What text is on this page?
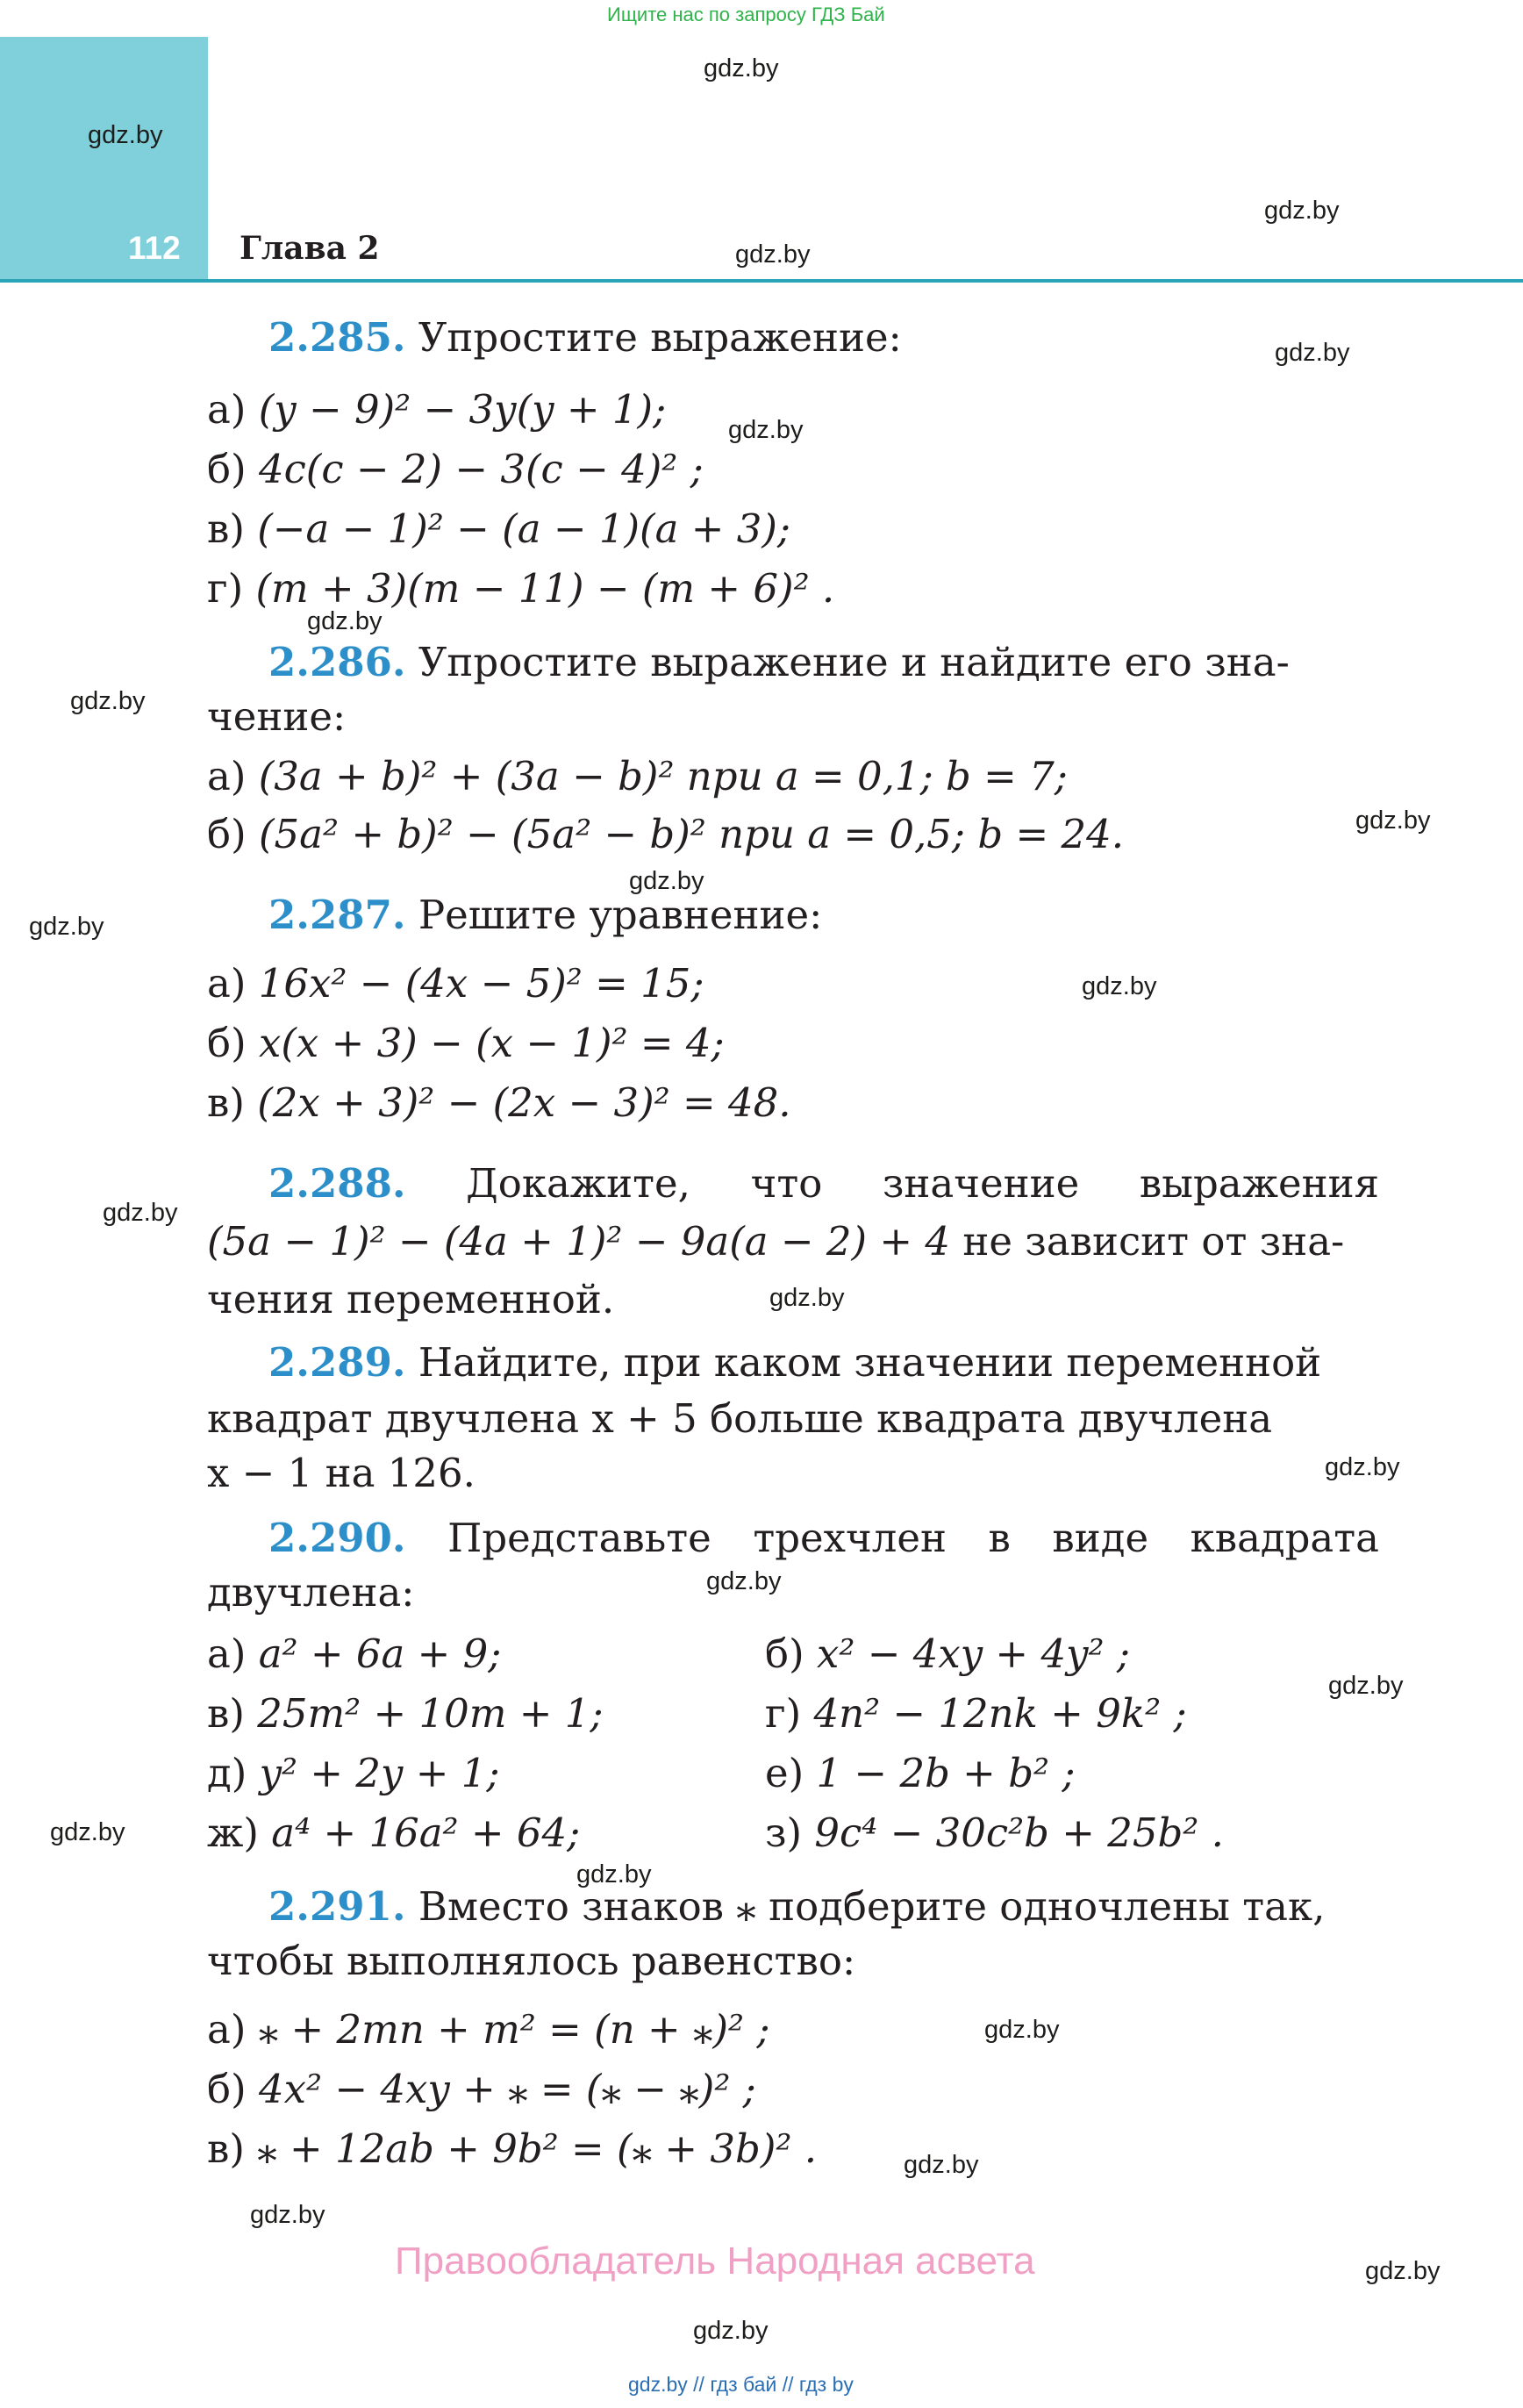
Ищите нас по запросу ГДЗ Бай
112 Глава 2
gdz.by
gdz.by
gdz.by
gdz.by
gdz.by
gdz.by
gdz.by
gdz.by
gdz.by
gdz.by
gdz.by
gdz.by
gdz.by
gdz.by
gdz.by
gdz.by
gdz.by
gdz.by
gdz.by
gdz.by
gdz.by
gdz.by
gdz.by
gdz.by
2.285. Упростите выражение:
а) (y − 9)² − 3y(y + 1);
б) 4c(c − 2) − 3(c − 4)² ;
в) (−a − 1)² − (a − 1)(a + 3);
г) (m + 3)(m − 11) − (m + 6)² .
2.286. Упростите выражение и найдите его зна-
чение:
а) (3a + b)² + (3a − b)² при a = 0,1; b = 7;
б) (5a² + b)² − (5a² − b)² при a = 0,5; b = 24.
2.287. Решите уравнение:
а) 16x² − (4x − 5)² = 15;
б) x(x + 3) − (x − 1)² = 4;
в) (2x + 3)² − (2x − 3)² = 48.
2.288. Докажите, что значение выражения
(5a − 1)² − (4a + 1)² − 9a(a − 2) + 4 не зависит от зна-
чения переменной.
2.289. Найдите, при каком значении переменной
квадрат двучлена x + 5 больше квадрата двучлена
x − 1 на 126.
2.290. Представьте трехчлен в виде квадрата
двучлена:
а) a² + 6a + 9;	б) x² − 4xy + 4y² ;
в) 25m² + 10m + 1;	г) 4n² − 12nk + 9k² ;
д) y² + 2y + 1;	е) 1 − 2b + b² ;
ж) a⁴ + 16a² + 64;	з) 9c⁴ − 30c²b + 25b² .
2.291. Вместо знаков ⁎ подберите одночлены так,
чтобы выполнялось равенство:
а) ⁎ + 2mn + m² = (n + ⁎)² ;
б) 4x² − 4xy + ⁎ = (⁎ − ⁎)² ;
в) ⁎ + 12ab + 9b² = (⁎ + 3b)² .
Правообладатель Народная асвета
gdz.by // гдз бай // гдз by
